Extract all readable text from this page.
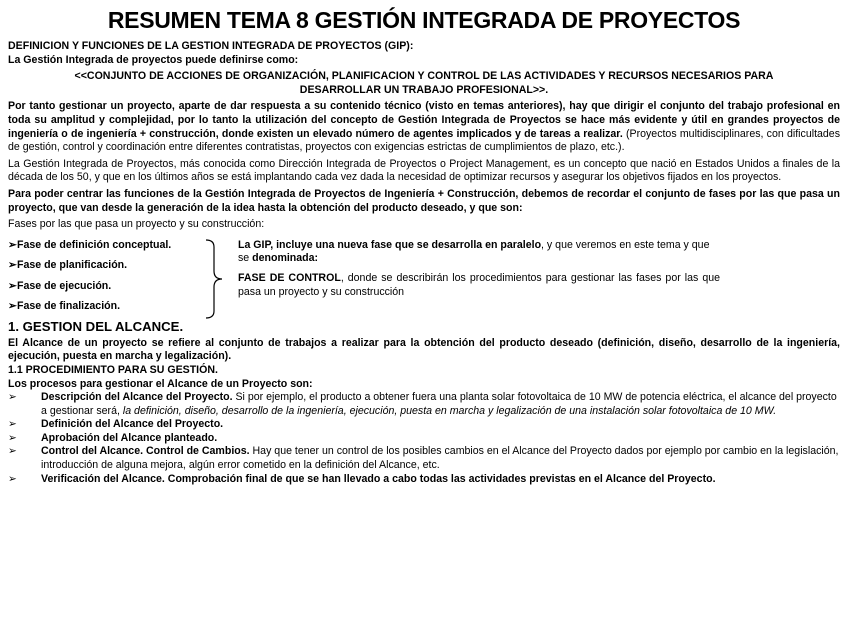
RESUMEN TEMA 8 GESTIÓN INTEGRADA DE PROYECTOS

DEFINICION Y FUNCIONES DE LA GESTION INTEGRADA DE PROYECTOS (GIP):

La Gestión Integrada de proyectos puede definirse como:

<<CONJUNTO DE ACCIONES DE ORGANIZACIÓN, PLANIFICACION Y CONTROL DE LAS ACTIVIDADES Y RECURSOS NECESARIOS PARA DESARROLLAR UN TRABAJO PROFESIONAL>>.

Por tanto gestionar un proyecto, aparte de dar respuesta a su contenido técnico (visto en temas anteriores), hay que dirigir el conjunto del trabajo profesional en toda su amplitud y complejidad, por lo tanto la utilización del concepto de Gestión Integrada de Proyectos se hace más evidente y útil en grandes proyectos de ingeniería o de ingeniería + construcción, donde existen un elevado número de agentes implicados y de tareas a realizar. (Proyectos multidisciplinares, con dificultades de gestión, control y coordinación entre diferentes contratistas, proyectos con exigencias estrictas de cumplimientos de plazo, etc.).

La Gestión Integrada de Proyectos, más conocida como Dirección Integrada de Proyectos o Project Management, es un concepto que nació en Estados Unidos a finales de la década de los 50, y que en los últimos años se está implantando cada vez dada la necesidad de optimizar recursos y asegurar los objetivos fijados en los proyectos.

Para poder centrar las funciones de la Gestión Integrada de Proyectos de Ingeniería + Construcción, debemos de recordar el conjunto de fases por las que pasa un proyecto, que van desde la generación de la idea hasta la obtención del producto deseado, y que son:

Fases por las que pasa un proyecto y su construcción:

➢Fase de definición conceptual.
➢Fase de planificación.
➢Fase de ejecución.
➢Fase de finalización.

La GIP, incluye una nueva fase que se desarrolla en paralelo, y que veremos en este tema y que se denominada:

FASE DE CONTROL, donde se describirán los procedimientos para gestionar las fases por las que pasa un proyecto y su construcción

1. GESTION DEL ALCANCE.

El Alcance de un proyecto se refiere al conjunto de trabajos a realizar para la obtención del producto deseado (definición, diseño, desarrollo de la ingeniería, ejecución, puesta en marcha y legalización).

1.1 PROCEDIMIENTO PARA SU GESTIÓN.

Los procesos para gestionar el Alcance de un Proyecto son:

➢ Descripción del Alcance del Proyecto. Si por ejemplo, el producto a obtener fuera una planta solar fotovoltaica de 10 MW de potencia eléctrica, el alcance del proyecto a gestionar será, la definición, diseño, desarrollo de la ingeniería, ejecución, puesta en marcha y legalización de una instalación solar fotovoltaica de 10 MW.
➢ Definición del Alcance del Proyecto.
➢ Aprobación del Alcance planteado.
➢ Control del Alcance. Control de Cambios. Hay que tener un control de los posibles cambios en el Alcance del Proyecto dados por ejemplo por cambio en la legislación, introducción de alguna mejora, algún error cometido en la definición del Alcance, etc.
➢ Verificación del Alcance. Comprobación final de que se han llevado a cabo todas las actividades previstas en el Alcance del Proyecto.
